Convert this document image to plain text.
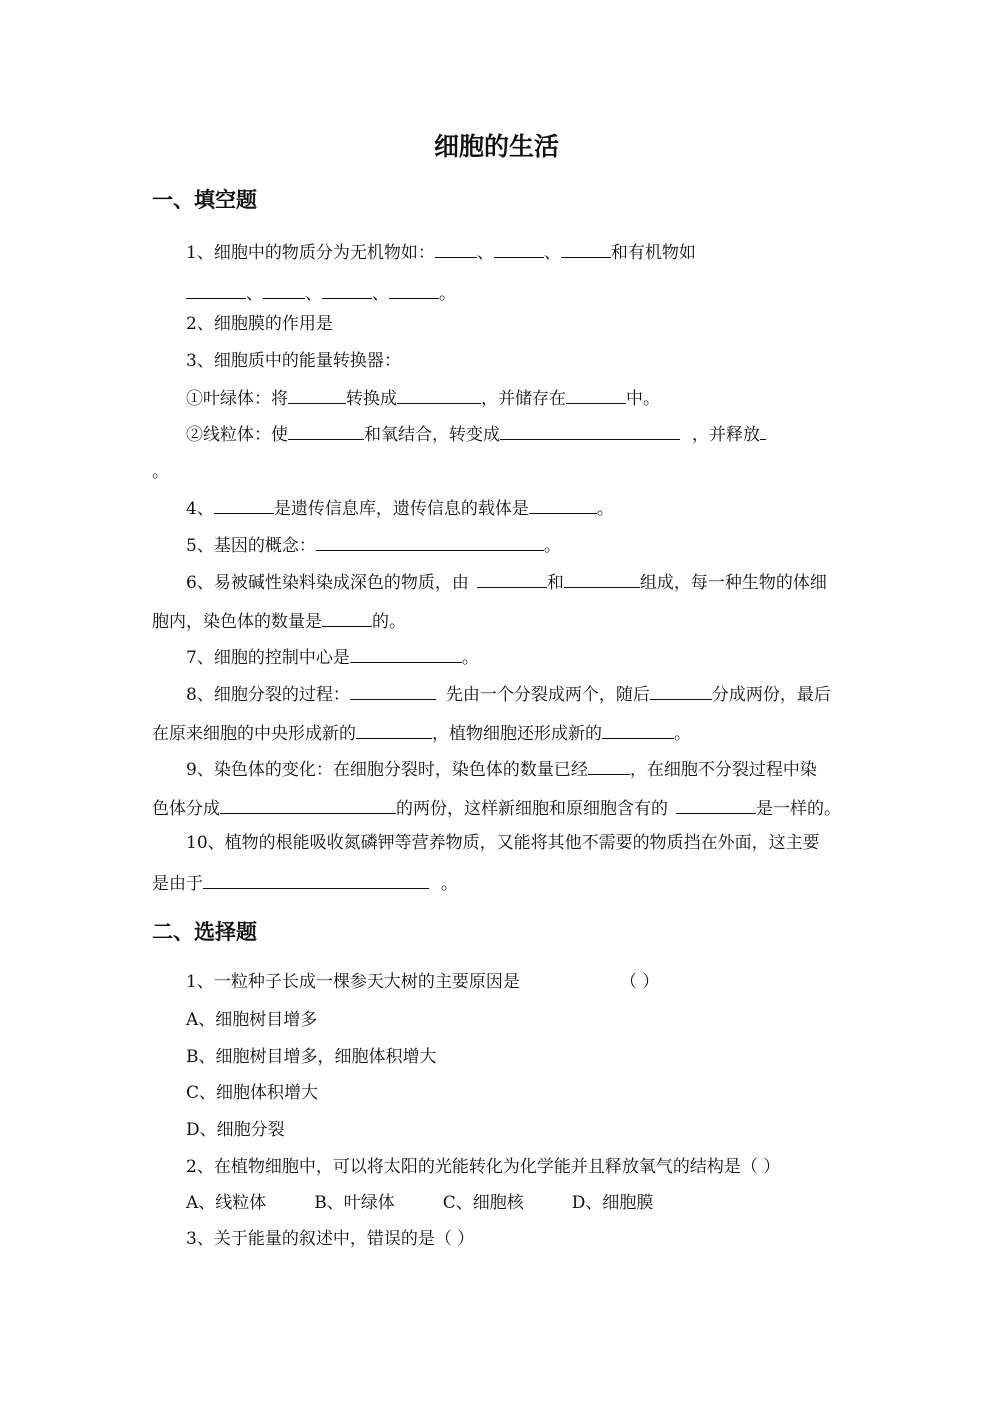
细胞的生活
一、填空题
1、细胞中的物质分为无机物如： 、	、	和有机物如
、 、	、	。
2、细胞膜的作用是
3、细胞质中的能量转换器：
①叶绿体：将	转换成	，并储存在	中。
②线粒体：使	和氧结合，转变成	，并释放
。
4、	是遗传信息库，遗传信息的载体是	。
5、基因的概念：	。
6、易被碱性染料染成深色的物质，由	和	组成，每一种生物的体细
胞内，染色体的数量是	的。
7、细胞的控制中心是	。
8、细胞分裂的过程：	先由一个分裂成两个，随后	分成两份，最后
在原来细胞的中央形成新的	，植物细胞还形成新的	。
9、染色体的变化：在细胞分裂时，染色体的数量已经 ，在细胞不分裂过程中染
色体分成	的两份，这样新细胞和原细胞含有的	是一样的。
10、植物的根能吸收氮磷钾等营养物质，又能将其他不需要的物质挡在外面，这主要
是由于	。
二、选择题
1、一粒种子长成一棵参天大树的主要原因是	（ ）
A、细胞树目增多
B、细胞树目增多，细胞体积增大
C、细胞体积增大
D、细胞分裂
2、在植物细胞中，可以将太阳的光能转化为化学能并且释放氧气的结构是（ ）
A、线粒体	B、叶绿体	C、细胞核	D、细胞膜
3、关于能量的叙述中，错误的是（ ）
